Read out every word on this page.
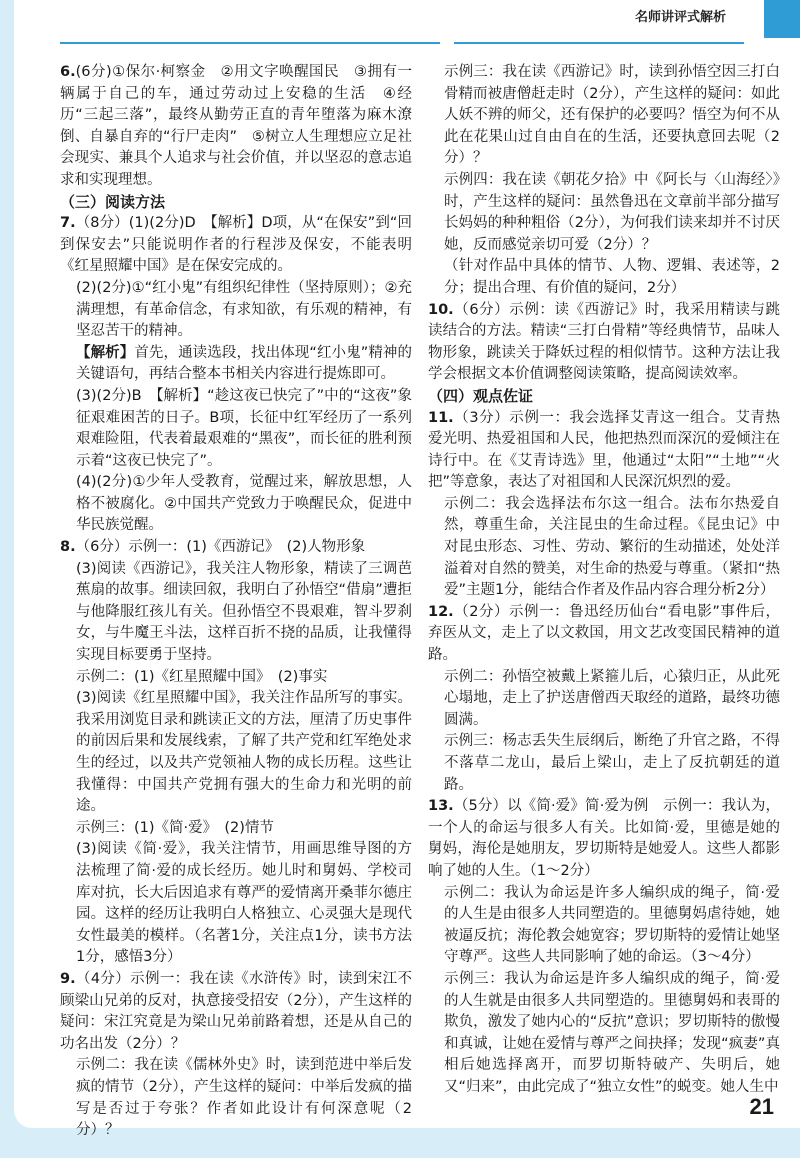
名师讲评式解析

6.(6分)①保尔·柯察金　②用文字唤醒国民　③拥有一辆属于自己的车，通过劳动过上安稳的生活　④经历“三起三落”，最终从勤劳正直的青年堕落为麻木潦倒、自暴自弃的“行尸走肉”　⑤树立人生理想应立足社会现实、兼具个人追求与社会价值，并以坚忍的意志追求和实现理想。

（三）阅读方法

7.（8分）(1)(2分)D　【解析】D项，从“在保安”到“回到保安去”只能说明作者的行程涉及保安，不能表明《红星照耀中国》是在保安完成的。

(2)(2分)①“红小鬼”有组织纪律性（坚持原则）；②充满理想，有革命信念，有求知欲，有乐观的精神，有坚忍苦干的精神。

【解析】首先，通读选段，找出体现“红小鬼”精神的关键语句，再结合整本书相关内容进行提炼即可。

(3)(2分)B　【解析】“趁这夜已快完了”中的“这夜”象征艰难困苦的日子。B项，长征中红军经历了一系列艰难险阻，代表着最艰难的“黑夜”，而长征的胜利预示着“这夜已快完了”。

(4)(2分)①少年人受教育，觉醒过来，解放思想，人格不被腐化。②中国共产党致力于唤醒民众，促进中华民族觉醒。

8.（6分）示例一：(1)《西游记》　(2)人物形象

(3)阅读《西游记》，我关注人物形象，精读了三调芭蕉扇的故事。细读回叙，我明白了孙悟空“借扇”遭拒与他降服红孩儿有关。但孙悟空不畏艰难，智斗罗刹女，与牛魔王斗法，这样百折不挠的品质，让我懂得实现目标要勇于坚持。

示例二：(1)《红星照耀中国》　(2)事实

(3)阅读《红星照耀中国》，我关注作品所写的事实。我采用浏览目录和跳读正文的方法，厘清了历史事件的前因后果和发展线索，了解了共产党和红军绝处求生的经过，以及共产党领袖人物的成长历程。这些让我懂得：中国共产党拥有强大的生命力和光明的前途。

示例三：(1)《简·爱》　(2)情节

(3)阅读《简·爱》，我关注情节，用画思维导图的方法梳理了简·爱的成长经历。她儿时和舅妈、学校司库对抗，长大后因追求有尊严的爱情离开桑菲尔德庄园。这样的经历让我明白人格独立、心灵强大是现代女性最美的模样。（名著1分，关注点1分，读书方法1分，感悟3分）

9.（4分）示例一：我在读《水浒传》时，读到宋江不顾梁山兄弟的反对，执意接受招安（2分），产生这样的疑问：宋江究竟是为梁山兄弟前路着想，还是从自己的功名出发（2分）？

示例二：我在读《儒林外史》时，读到范进中举后发疯的情节（2分），产生这样的疑问：中举后发疯的描写是否过于夸张？作者如此设计有何深意呢（2分）？

示例三：我在读《西游记》时，读到孙悟空因三打白骨精而被唐僧赶走时（2分），产生这样的疑问：如此人妖不辨的师父，还有保护的必要吗？悟空为何不从此在花果山过自由自在的生活，还要执意回去呢（2分）？

示例四：我在读《朝花夕拾》中《阿长与〈山海经〉》时，产生这样的疑问：虽然鲁迅在文章前半部分描写长妈妈的种种粗俗（2分），为何我们读来却并不讨厌她，反而感觉亲切可爱（2分）？

（针对作品中具体的情节、人物、逻辑、表述等，2分；提出合理、有价值的疑问，2分）

10.（6分）示例：读《西游记》时，我采用精读与跳读结合的方法。精读“三打白骨精”等经典情节，品味人物形象，跳读关于降妖过程的相似情节。这种方法让我学会根据文本价值调整阅读策略，提高阅读效率。

（四）观点佐证

11.（3分）示例一：我会选择艾青这一组合。艾青热爱光明、热爱祖国和人民，他把热烈而深沉的爱倾注在诗行中。在《艾青诗选》里，他通过“太阳”“土地”“火把”等意象，表达了对祖国和人民深沉炽烈的爱。

示例二：我会选择法布尔这一组合。法布尔热爱自然，尊重生命，关注昆虫的生命过程。《昆虫记》中对昆虫形态、习性、劳动、繁衍的生动描述，处处洋溢着对自然的赞美，对生命的热爱与尊重。（紧扣“热爱”主题1分，能结合作者及作品内容合理分析2分）

12.（2分）示例一：鲁迅经历仙台“看电影”事件后，弃医从文，走上了以文救国，用文艺改变国民精神的道路。

示例二：孙悟空被戴上紧箍儿后，心猿归正，从此死心塌地，走上了护送唐僧西天取经的道路，最终功德圆满。

示例三：杨志丢失生辰纲后，断绝了升官之路，不得不落草二龙山，最后上梁山，走上了反抗朝廷的道路。

13.（5分）以《简·爱》简·爱为例　示例一：我认为，一个人的命运与很多人有关。比如简·爱，里德是她的舅妈，海伦是她朋友，罗切斯特是她爱人。这些人都影响了她的人生。（1～2分）

示例二：我认为命运是许多人编织成的绳子，简·爱的人生是由很多人共同塑造的。里德舅妈虐待她，她被逼反抗；海伦教会她宽容；罗切斯特的爱情让她坚守尊严。这些人共同影响了她的命运。（3～4分）

示例三：我认为命运是许多人编织成的绳子，简·爱的人生就是由很多人共同塑造的。里德舅妈和表哥的欺负，激发了她内心的“反抗”意识；罗切斯特的傲慢和真诚，让她在爱情与尊严之间抉择；发现“疯妻”真相后她选择离开，而罗切斯特破产、失明后，她又“归来”，由此完成了“独立女性”的蜕变。她人生中

21
